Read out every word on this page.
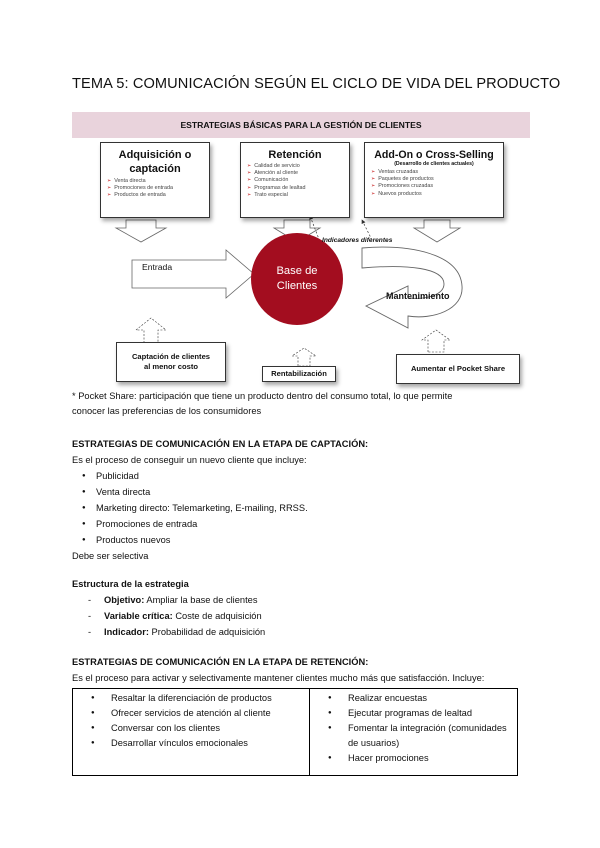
TEMA 5: COMUNICACIÓN SEGÚN EL CICLO DE VIDA DEL PRODUCTO
ESTRATEGIAS BÁSICAS PARA LA GESTIÓN DE CLIENTES
Adquisición o
captación
➢ Venta directa
➢ Promociones de entrada
➢ Productos de entrada
Retención
➢ Calidad de servicio
➢ Atención al cliente
➢ Comunicación
➢ Programas de lealtad
➢ Trato especial
Add-On o Cross-Selling
(Desarrollo de clientes actuales)
➢ Ventas cruzadas
➢ Paquetes de productos
➢ Promociones cruzadas
➢ Nuevos productos
Base de
Clientes
Entrada
Indicadores diferentes
Mantenimiento
Captación de clientes
al menor costo
Rentabilización
Aumentar el Pocket Share
* Pocket Share: participación que tiene un producto dentro del consumo total, lo que permite
conocer las preferencias de los consumidores
ESTRATEGIAS DE COMUNICACIÓN EN LA ETAPA DE CAPTACIÓN:
Es el proceso de conseguir un nuevo cliente que incluye:
● Publicidad
● Venta directa
● Marketing directo: Telemarketing, E-mailing, RRSS.
● Promociones de entrada
● Productos nuevos
Debe ser selectiva
Estructura de la estrategia
- Objetivo: Ampliar la base de clientes
- Variable crítica: Coste de adquisición
- Indicador: Probabilidad de adquisición
ESTRATEGIAS DE COMUNICACIÓN EN LA ETAPA DE RETENCIÓN:
Es el proceso para activar y selectivamente mantener clientes mucho más que satisfacción. Incluye:
● Resaltar la diferenciación de productos
● Ofrecer servicios de atención al cliente
● Conversar con los clientes
● Desarrollar vínculos emocionales

● Realizar encuestas
● Ejecutar programas de lealtad
● Fomentar la integración (comunidades de usuarios)
● Hacer promociones
